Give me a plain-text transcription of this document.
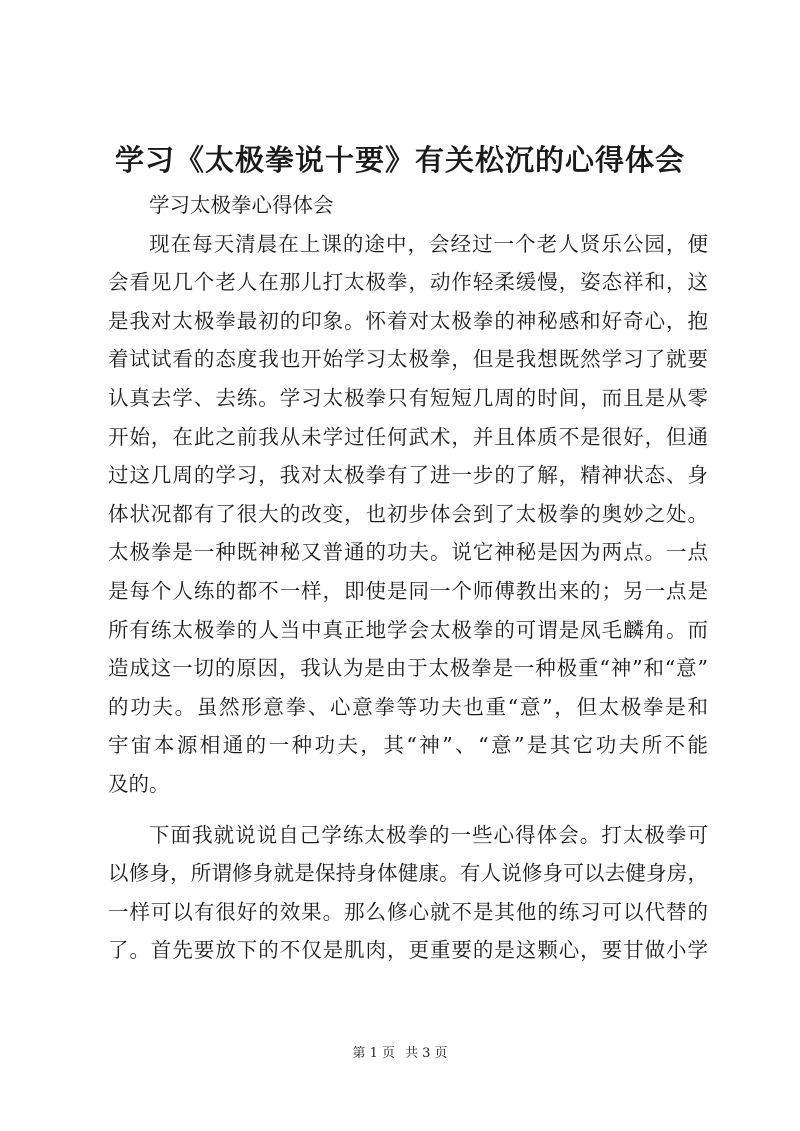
学习《太极拳说十要》有关松沉的心得体会
学习太极拳心得体会
现在每天清晨在上课的途中，会经过一个老人贤乐公园，便
会看见几个老人在那儿打太极拳，动作轻柔缓慢，姿态祥和，这
是我对太极拳最初的印象。怀着对太极拳的神秘感和好奇心，抱
着试试看的态度我也开始学习太极拳，但是我想既然学习了就要
认真去学、去练。学习太极拳只有短短几周的时间，而且是从零
开始，在此之前我从未学过任何武术，并且体质不是很好，但通
过这几周的学习，我对太极拳有了进一步的了解，精神状态、身
体状况都有了很大的改变，也初步体会到了太极拳的奥妙之处。
太极拳是一种既神秘又普通的功夫。说它神秘是因为两点。一点
是每个人练的都不一样，即使是同一个师傅教出来的；另一点是
所有练太极拳的人当中真正地学会太极拳的可谓是凤毛麟角。而
造成这一切的原因，我认为是由于太极拳是一种极重“神”和“意”
的功夫。虽然形意拳、心意拳等功夫也重“意”，但太极拳是和
宇宙本源相通的一种功夫，其“神”、“意”是其它功夫所不能
及的。
下面我就说说自己学练太极拳的一些心得体会。打太极拳可
以修身，所谓修身就是保持身体健康。有人说修身可以去健身房，
一样可以有很好的效果。那么修心就不是其他的练习可以代替的
了。首先要放下的不仅是肌肉，更重要的是这颗心，要甘做小学
第 1 页 共 3 页
